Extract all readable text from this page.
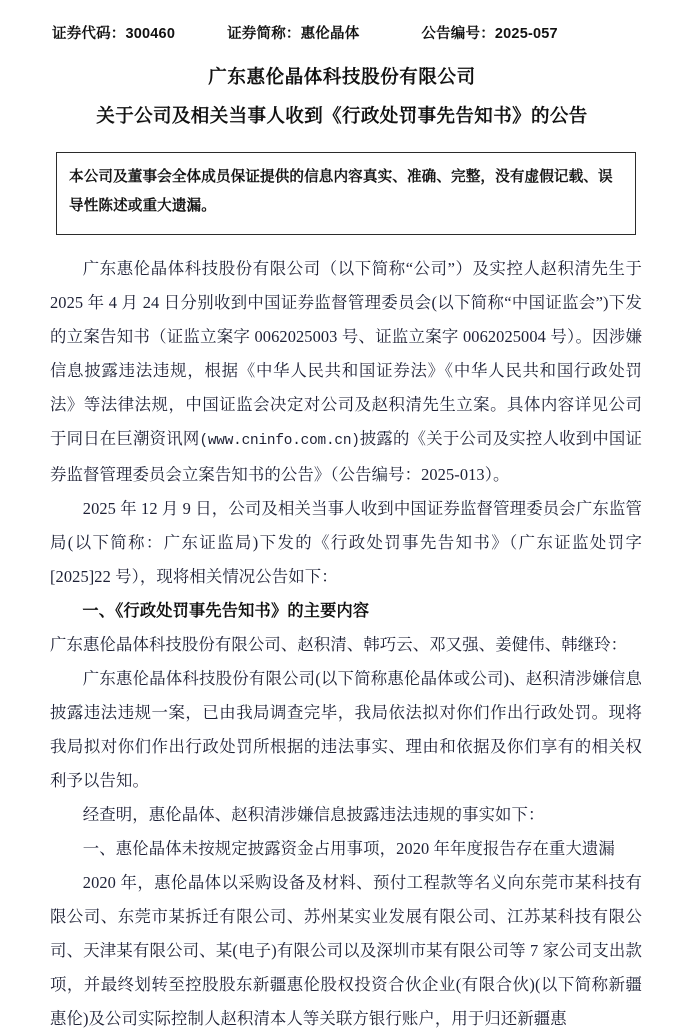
证券代码：300460	证券简称：惠伦晶体	公告编号：2025-057
广东惠伦晶体科技股份有限公司
关于公司及相关当事人收到《行政处罚事先告知书》的公告
本公司及董事会全体成员保证提供的信息内容真实、准确、完整，没有虚假记载、误导性陈述或重大遗漏。

广东惠伦晶体科技股份有限公司（以下简称“公司”）及实控人赵积清先生于 2025 年 4 月 24 日分别收到中国证券监督管理委员会(以下简称“中国证监会”)下发的立案告知书（证监立案字 0062025003 号、证监立案字 0062025004 号）。因涉嫌信息披露违法违规，根据《中华人民共和国证券法》《中华人民共和国行政处罚法》等法律法规，中国证监会决定对公司及赵积清先生立案。具体内容详见公司于同日在巨潮资讯网(www.cninfo.com.cn)披露的《关于公司及实控人收到中国证券监督管理委员会立案告知书的公告》（公告编号：2025-013）。

2025 年 12 月 9 日，公司及相关当事人收到中国证券监督管理委员会广东监管局(以下简称：广东证监局)下发的《行政处罚事先告知书》（广东证监处罚字[2025]22 号），现将相关情况公告如下：

一、《行政处罚事先告知书》的主要内容

广东惠伦晶体科技股份有限公司、赵积清、韩巧云、邓又强、姜健伟、韩继玲：

广东惠伦晶体科技股份有限公司(以下简称惠伦晶体或公司)、赵积清涉嫌信息披露违法违规一案，已由我局调查完毕，我局依法拟对你们作出行政处罚。现将我局拟对你们作出行政处罚所根据的违法事实、理由和依据及你们享有的相关权利予以告知。

经查明，惠伦晶体、赵积清涉嫌信息披露违法违规的事实如下：

一、惠伦晶体未按规定披露资金占用事项，2020 年年度报告存在重大遗漏

2020 年，惠伦晶体以采购设备及材料、预付工程款等名义向东莞市某科技有限公司、东莞市某拆迁有限公司、苏州某实业发展有限公司、江苏某科技有限公司、天津某有限公司、某(电子)有限公司以及深圳市某有限公司等 7 家公司支出款项，并最终划转至控股股东新疆惠伦股权投资合伙企业(有限合伙)(以下简称新疆惠伦)及公司实际控制人赵积清本人等关联方银行账户，用于归还新疆惠
